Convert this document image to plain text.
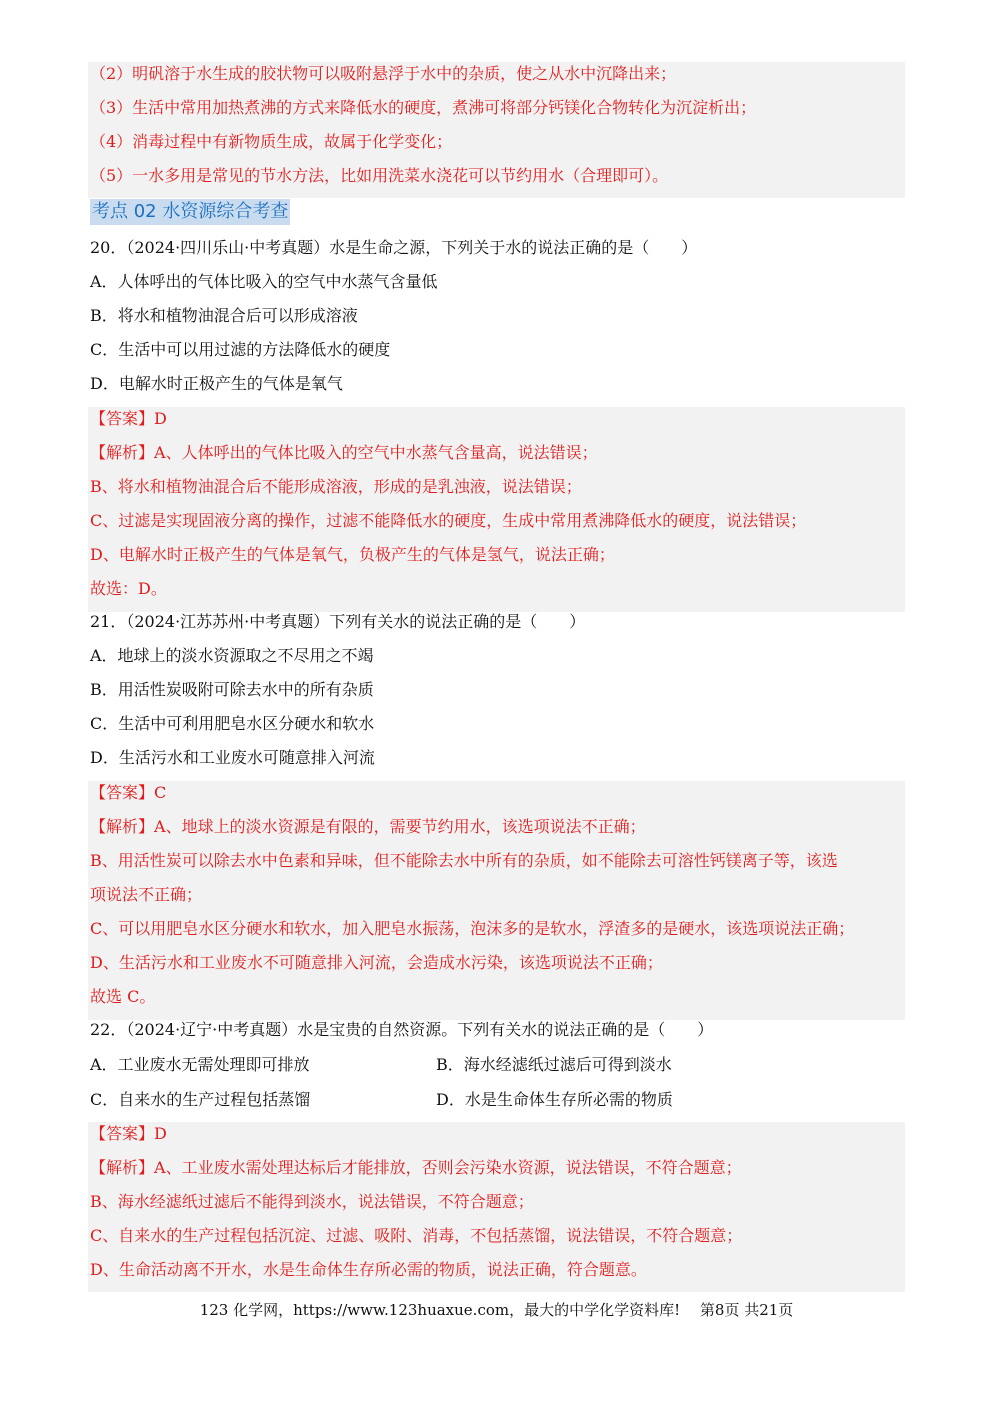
（2）明矾溶于水生成的胶状物可以吸附悬浮于水中的杂质，使之从水中沉降出来；
（3）生活中常用加热煮沸的方式来降低水的硬度，煮沸可将部分钙镁化合物转化为沉淀析出；
（4）消毒过程中有新物质生成，故属于化学变化；
（5）一水多用是常见的节水方法，比如用洗菜水浇花可以节约用水（合理即可）。
考点 02 水资源综合考查
20．（2024·四川乐山·中考真题）水是生命之源，下列关于水的说法正确的是（　　）
A．人体呼出的气体比吸入的空气中水蒸气含量低
B．将水和植物油混合后可以形成溶液
C．生活中可以用过滤的方法降低水的硬度
D．电解水时正极产生的气体是氧气
【答案】D
【解析】A、人体呼出的气体比吸入的空气中水蒸气含量高，说法错误；
B、将水和植物油混合后不能形成溶液，形成的是乳浊液，说法错误；
C、过滤是实现固液分离的操作，过滤不能降低水的硬度，生成中常用煮沸降低水的硬度，说法错误；
D、电解水时正极产生的气体是氧气，负极产生的气体是氢气，说法正确；
故选：D。
21．（2024·江苏苏州·中考真题）下列有关水的说法正确的是（　　）
A．地球上的淡水资源取之不尽用之不竭
B．用活性炭吸附可除去水中的所有杂质
C．生活中可利用肥皂水区分硬水和软水
D．生活污水和工业废水可随意排入河流
【答案】C
【解析】A、地球上的淡水资源是有限的，需要节约用水，该选项说法不正确；
B、用活性炭可以除去水中色素和异味，但不能除去水中所有的杂质，如不能除去可溶性钙镁离子等，该选
项说法不正确；
C、可以用肥皂水区分硬水和软水，加入肥皂水振荡，泡沫多的是软水，浮渣多的是硬水，该选项说法正确；
D、生活污水和工业废水不可随意排入河流，会造成水污染，该选项说法不正确；
故选 C。
22．（2024·辽宁·中考真题）水是宝贵的自然资源。下列有关水的说法正确的是（　　）
A．工业废水无需处理即可排放	B．海水经滤纸过滤后可得到淡水
C．自来水的生产过程包括蒸馏	D．水是生命体生存所必需的物质
【答案】D
【解析】A、工业废水需处理达标后才能排放，否则会污染水资源，说法错误，不符合题意；
B、海水经滤纸过滤后不能得到淡水，说法错误，不符合题意；
C、自来水的生产过程包括沉淀、过滤、吸附、消毒，不包括蒸馏，说法错误，不符合题意；
D、生命活动离不开水，水是生命体生存所必需的物质，说法正确，符合题意。
123 化学网，https://www.123huaxue.com，最大的中学化学资料库!　 第8页 共21页
